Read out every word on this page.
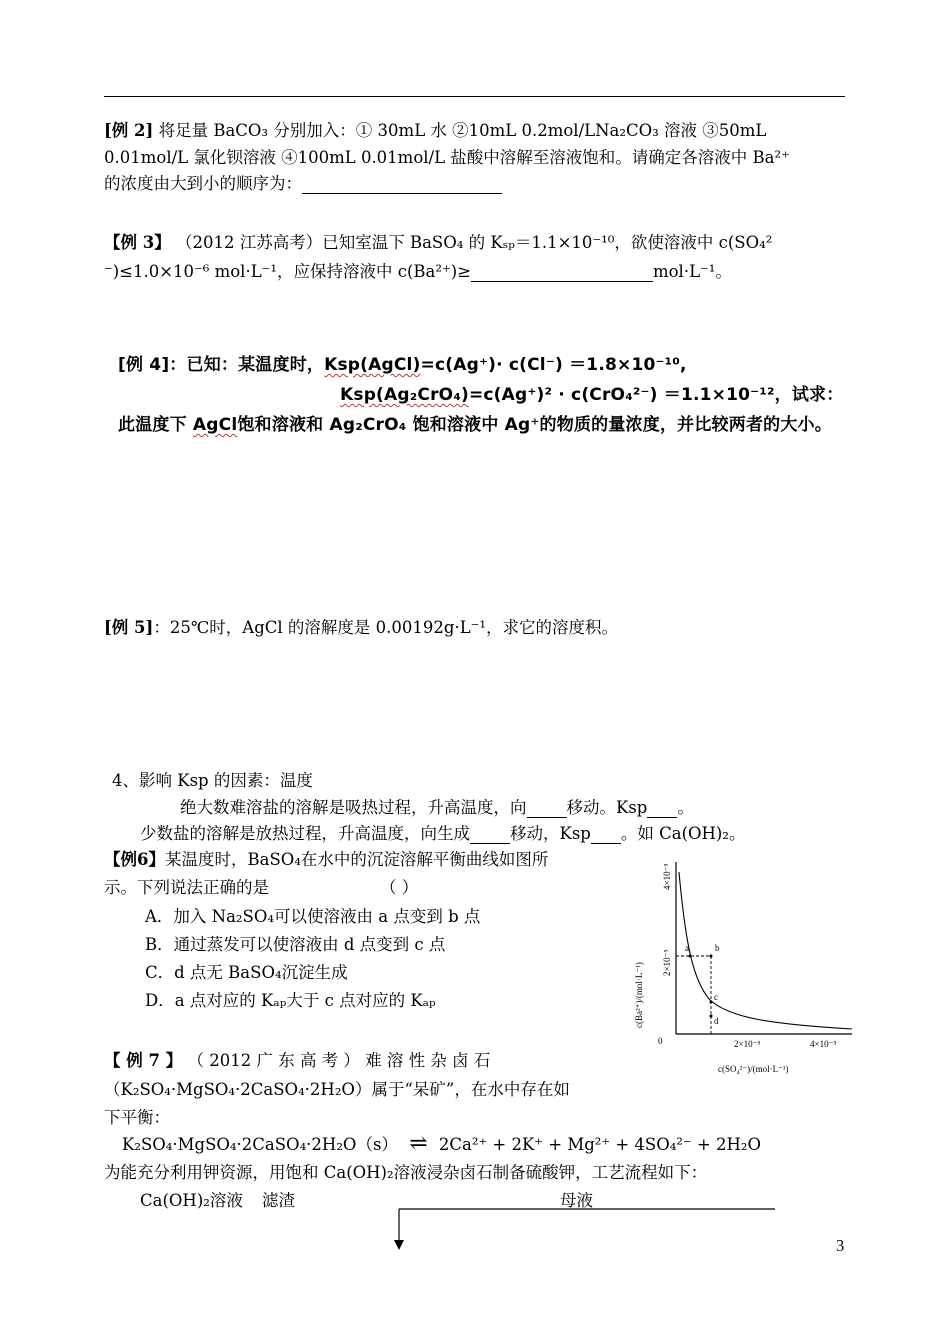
[例 2] 将足量 BaCO₃ 分别加入：① 30mL 水 ②10mL 0.2mol/LNa₂CO₃ 溶液 ③50mL
0.01mol/L 氯化钡溶液 ④100mL 0.01mol/L 盐酸中溶解至溶液饱和。请确定各溶液中 Ba²⁺
的浓度由大到小的顺序为：
【例 3】 （2012 江苏高考）已知室温下 BaSO₄ 的 Kₛₚ＝1.1×10⁻¹⁰，欲使溶液中 c(SO₄²
⁻)≤1.0×10⁻⁶ mol·L⁻¹，应保持溶液中 c(Ba²⁺)≥	mol·L⁻¹。
[例 4]：已知：某温度时，Ksp(AgCl)=c(Ag⁺)· c(Cl⁻) ＝1.8×10⁻¹⁰,
Ksp(Ag₂CrO₄)=c(Ag⁺)² · c(CrO₄²⁻) ＝1.1×10⁻¹²，试求：
此温度下 AgCl饱和溶液和 Ag₂CrO₄ 饱和溶液中 Ag⁺的物质的量浓度，并比较两者的大小。
[例 5]：25℃时，AgCl 的溶解度是 0.00192g·L⁻¹，求它的溶度积。
4、影响 Ksp 的因素：温度
绝大数难溶盐的溶解是吸热过程，升高温度，向 移动。Ksp 。
少数盐的溶解是放热过程，升高温度，向生成 移动，Ksp 。如 Ca(OH)₂。
【例6】某温度时，BaSO₄在水中的沉淀溶解平衡曲线如图所
示。下列说法正确的是	（ ）
A．加入 Na₂SO₄可以使溶液由 a 点变到 b 点
B．通过蒸发可以使溶液由 d 点变到 c 点
C．d 点无 BaSO₄沉淀生成
D．a 点对应的 Kₐₚ大于 c 点对应的 Kₐₚ
a	b
c
d
0	2×10⁻⁵	4×10⁻⁵
4×10⁻⁵
2×10⁻⁵
c(Ba²⁺)/(mol·L⁻¹)
c(SO₄²⁻)/(mol·L⁻¹)
【 例 7 】 （ 2012 广 东 高 考 ） 难 溶 性 杂 卤 石
（K₂SO₄·MgSO₄·2CaSO₄·2H₂O）属于“呆矿”，在水中存在如
下平衡：
K₂SO₄·MgSO₄·2CaSO₄·2H₂O（s） ⇌ 2Ca²⁺ + 2K⁺ + Mg²⁺ + 4SO₄²⁻ + 2H₂O
为能充分利用钾资源，用饱和 Ca(OH)₂溶液浸杂卤石制备硫酸钾，工艺流程如下：
Ca(OH)₂溶液 滤渣	母液
3
